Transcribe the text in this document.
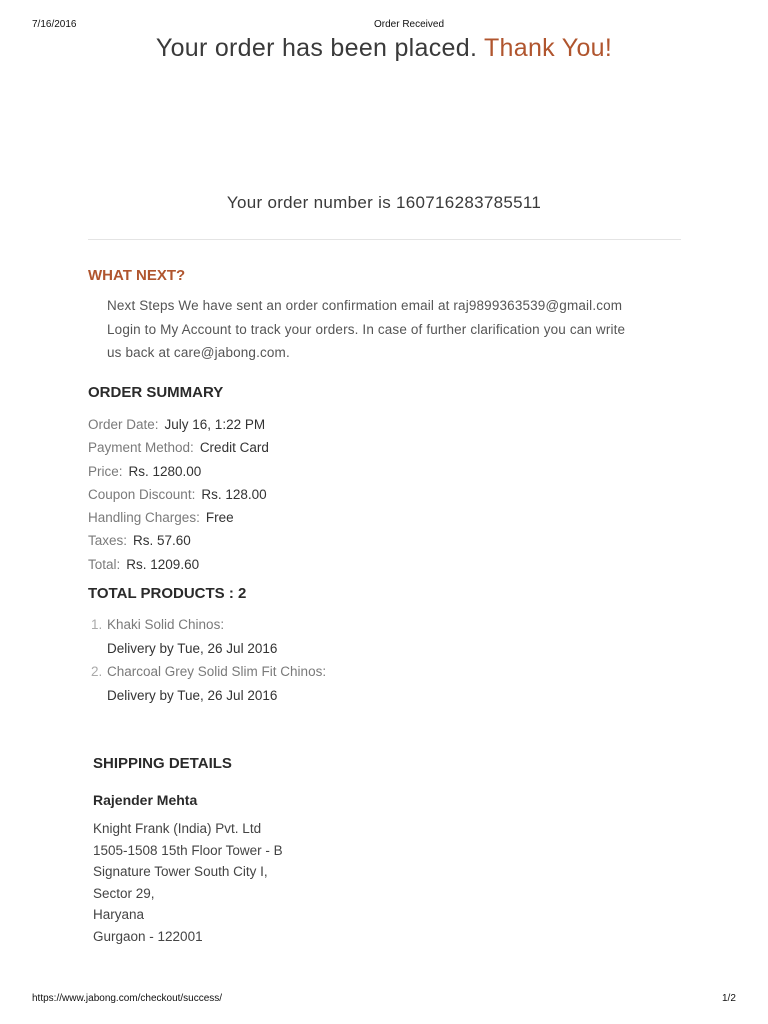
7/16/2016	Order Received
Your order has been placed. Thank You!
Your order number is 160716283785511
WHAT NEXT?
Next Steps We have sent an order confirmation email at raj9899363539@gmail.com
Login to My Account to track your orders. In case of further clarification you can write
us back at care@jabong.com.
ORDER SUMMARY
Order Date: July 16, 1:22 PM
Payment Method: Credit Card
Price: Rs. 1280.00
Coupon Discount: Rs. 128.00
Handling Charges: Free
Taxes: Rs. 57.60
Total: Rs. 1209.60
TOTAL PRODUCTS : 2
1. Khaki Solid Chinos:
Delivery by Tue, 26 Jul 2016
2. Charcoal Grey Solid Slim Fit Chinos:
Delivery by Tue, 26 Jul 2016
SHIPPING DETAILS
Rajender Mehta
Knight Frank (India) Pvt. Ltd
1505-1508 15th Floor Tower - B
Signature Tower South City I,
Sector 29,
Haryana
Gurgaon - 122001
https://www.jabong.com/checkout/success/	1/2
